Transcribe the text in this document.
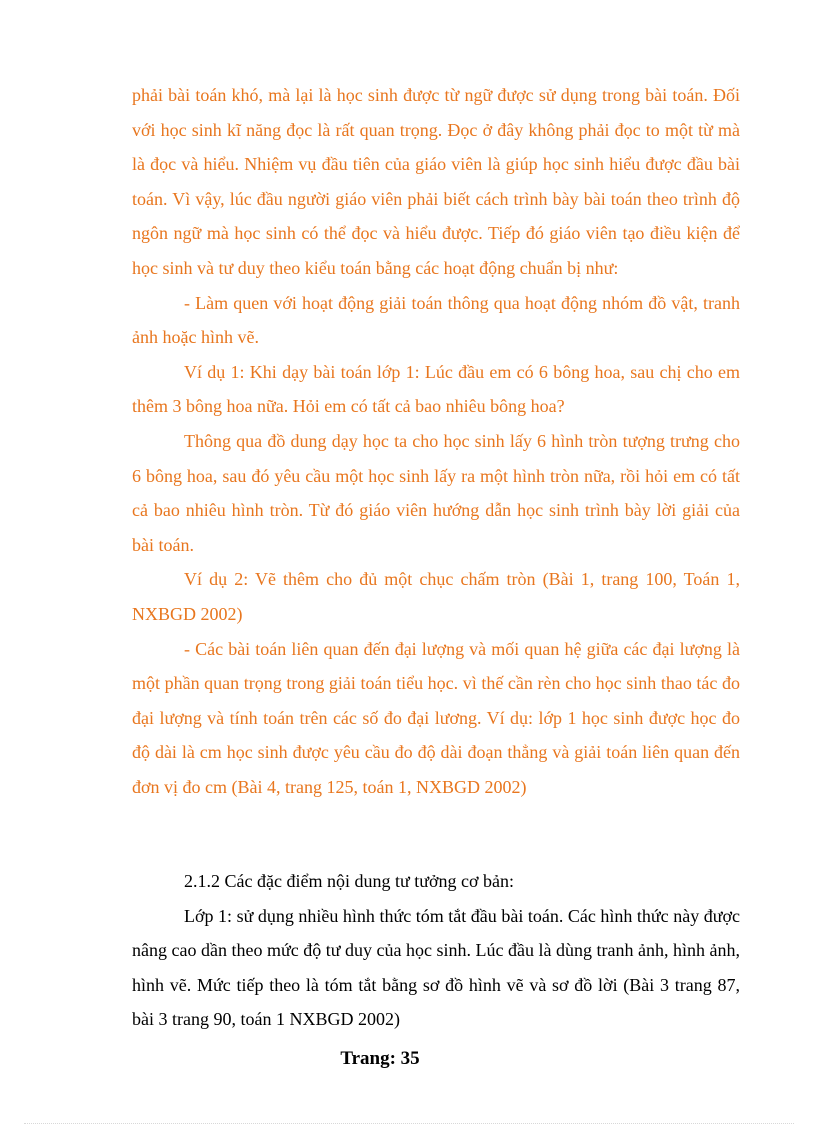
phải bài toán khó, mà lại là học sinh được từ ngữ được sử dụng trong bài toán. Đối với học sinh kĩ năng đọc là rất quan trọng. Đọc ở đây không phải đọc to một từ mà là đọc và hiểu. Nhiệm vụ đầu tiên của giáo viên là giúp học sinh hiểu được đầu bài toán. Vì vậy, lúc đầu người giáo viên phải biết cách trình bày bài toán theo trình độ ngôn ngữ mà học sinh có thể đọc và hiểu được. Tiếp đó giáo viên tạo điều kiện để học sinh và tư duy theo kiểu toán bằng các hoạt động chuẩn bị như:

- Làm quen với hoạt động giải toán thông qua hoạt động nhóm đồ vật, tranh ảnh hoặc hình vẽ.

Ví dụ 1: Khi dạy bài toán lớp 1: Lúc đầu em có 6 bông hoa, sau chị cho em thêm 3 bông hoa nữa. Hỏi em có tất cả bao nhiêu bông hoa?

Thông qua đồ dung dạy học ta cho học sinh lấy 6 hình tròn tượng trưng cho 6 bông hoa, sau đó yêu cầu một học sinh lấy ra một hình tròn nữa, rồi hỏi em có tất cả bao nhiêu hình tròn. Từ đó giáo viên hướng dẫn học sinh trình bày lời giải của bài toán.

Ví dụ 2: Vẽ thêm cho đủ một chục chấm tròn (Bài 1, trang 100, Toán 1, NXBGD 2002)

- Các bài toán liên quan đến đại lượng và mối quan hệ giữa các đại lượng là một phần quan trọng trong giải toán tiểu học. vì thế cần rèn cho học sinh thao tác đo đại lượng và tính toán trên các số đo đại lương. Ví dụ: lớp 1 học sinh được học đo độ dài là cm học sinh được yêu cầu đo độ dài đoạn thẳng và giải toán liên quan đến đơn vị đo cm (Bài 4, trang 125, toán 1, NXBGD 2002)

2.1.2 Các đặc điểm nội dung tư tưởng cơ bản:

Lớp 1: sử dụng nhiều hình thức tóm tắt đầu bài toán. Các hình thức này được nâng cao dần theo mức độ tư duy của học sinh. Lúc đầu là dùng tranh ảnh, hình ảnh, hình vẽ. Mức tiếp theo là tóm tắt bằng sơ đồ hình vẽ và sơ đồ lời (Bài 3 trang 87, bài 3 trang 90, toán 1 NXBGD 2002)

Trang: 35
